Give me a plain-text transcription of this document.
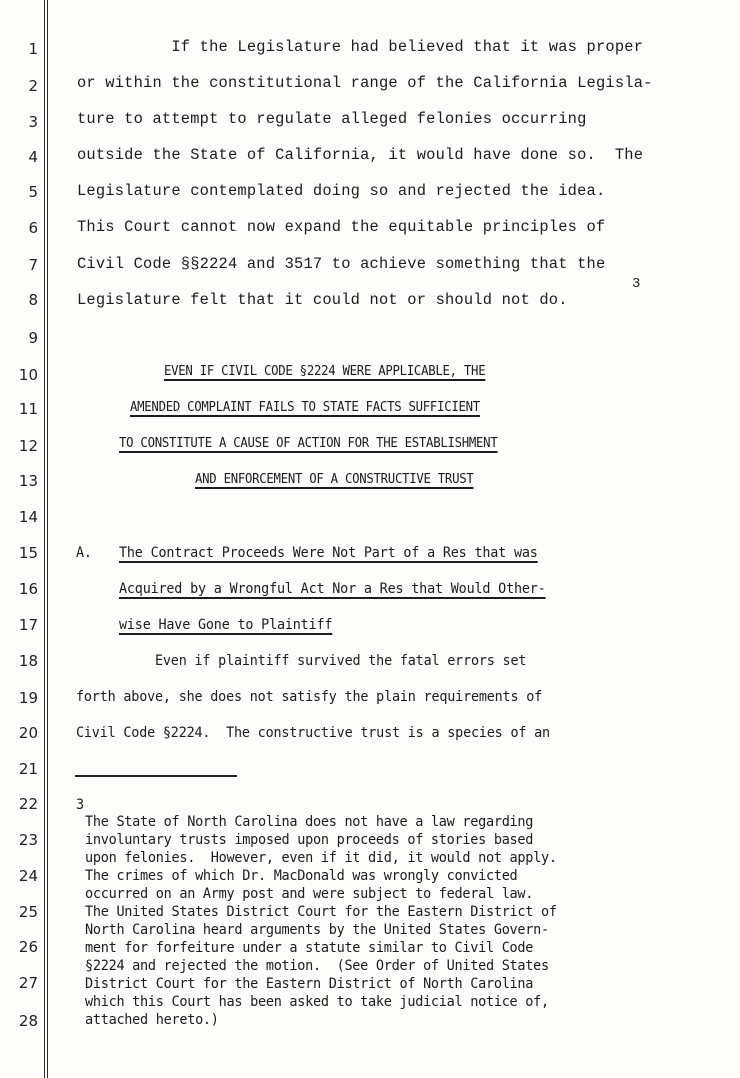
1
2
3
4
5
6
7
8
9
10
11
12
13
14
15
16
17
18
19
20
21
22
23
24
25
26
27
28
If the Legislature had believed that it was proper
or within the constitutional range of the California Legisla-
ture to attempt to regulate alleged felonies occurring
outside the State of California, it would have done so.  The
Legislature contemplated doing so and rejected the idea.
This Court cannot now expand the equitable principles of
Civil Code §§2224 and 3517 to achieve something that the
Legislature felt that it could not or should not do.
3
EVEN IF CIVIL CODE §2224 WERE APPLICABLE, THE
AMENDED COMPLAINT FAILS TO STATE FACTS SUFFICIENT
TO CONSTITUTE A CAUSE OF ACTION FOR THE ESTABLISHMENT
AND ENFORCEMENT OF A CONSTRUCTIVE TRUST
A. The Contract Proceeds Were Not Part of a Res that was
Acquired by a Wrongful Act Nor a Res that Would Other-
wise Have Gone to Plaintiff
Even if plaintiff survived the fatal errors set
forth above, she does not satisfy the plain requirements of
Civil Code §2224.  The constructive trust is a species of an
3
The State of North Carolina does not have a law regarding
involuntary trusts imposed upon proceeds of stories based
upon felonies.  However, even if it did, it would not apply.
The crimes of which Dr. MacDonald was wrongly convicted
occurred on an Army post and were subject to federal law.
The United States District Court for the Eastern District of
North Carolina heard arguments by the United States Govern-
ment for forfeiture under a statute similar to Civil Code
§2224 and rejected the motion.  (See Order of United States
District Court for the Eastern District of North Carolina
which this Court has been asked to take judicial notice of,
attached hereto.)
